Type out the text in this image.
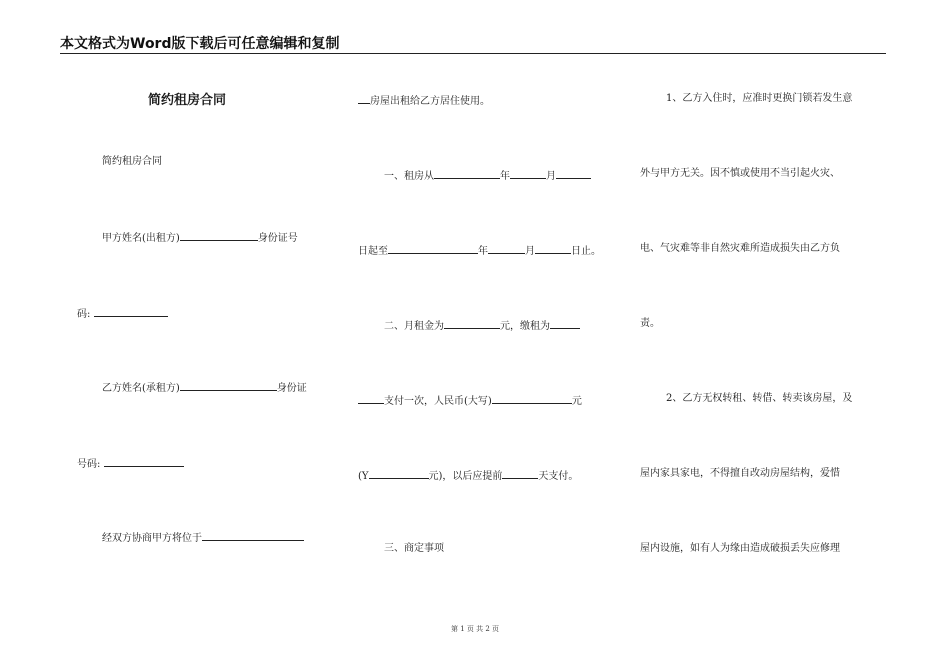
本文格式为Word版下载后可任意编辑和复制
简约租房合同
简约租房合同
甲方姓名(出租方)	身份证号
码:
乙方姓名(承租方)	身份证
号码:
经双方协商甲方将位于
房屋出租给乙方居住使用。
一、租房从	年	月
日起至	年	月	日止。
二、月租金为	元，缴租为
支付一次，人民币(大写)	元
(Y	元)，以后应提前	天支付。
三、商定事项
1、乙方入住时，应准时更换门锁若发生意
外与甲方无关。因不慎或使用不当引起火灾、
电、气灾难等非自然灾难所造成损失由乙方负
责。
2、乙方无权转租、转借、转卖该房屋，及
屋内家具家电，不得擅自改动房屋结构，爱惜
屋内设施，如有人为缘由造成破损丢失应修理
第 1 页 共 2 页
